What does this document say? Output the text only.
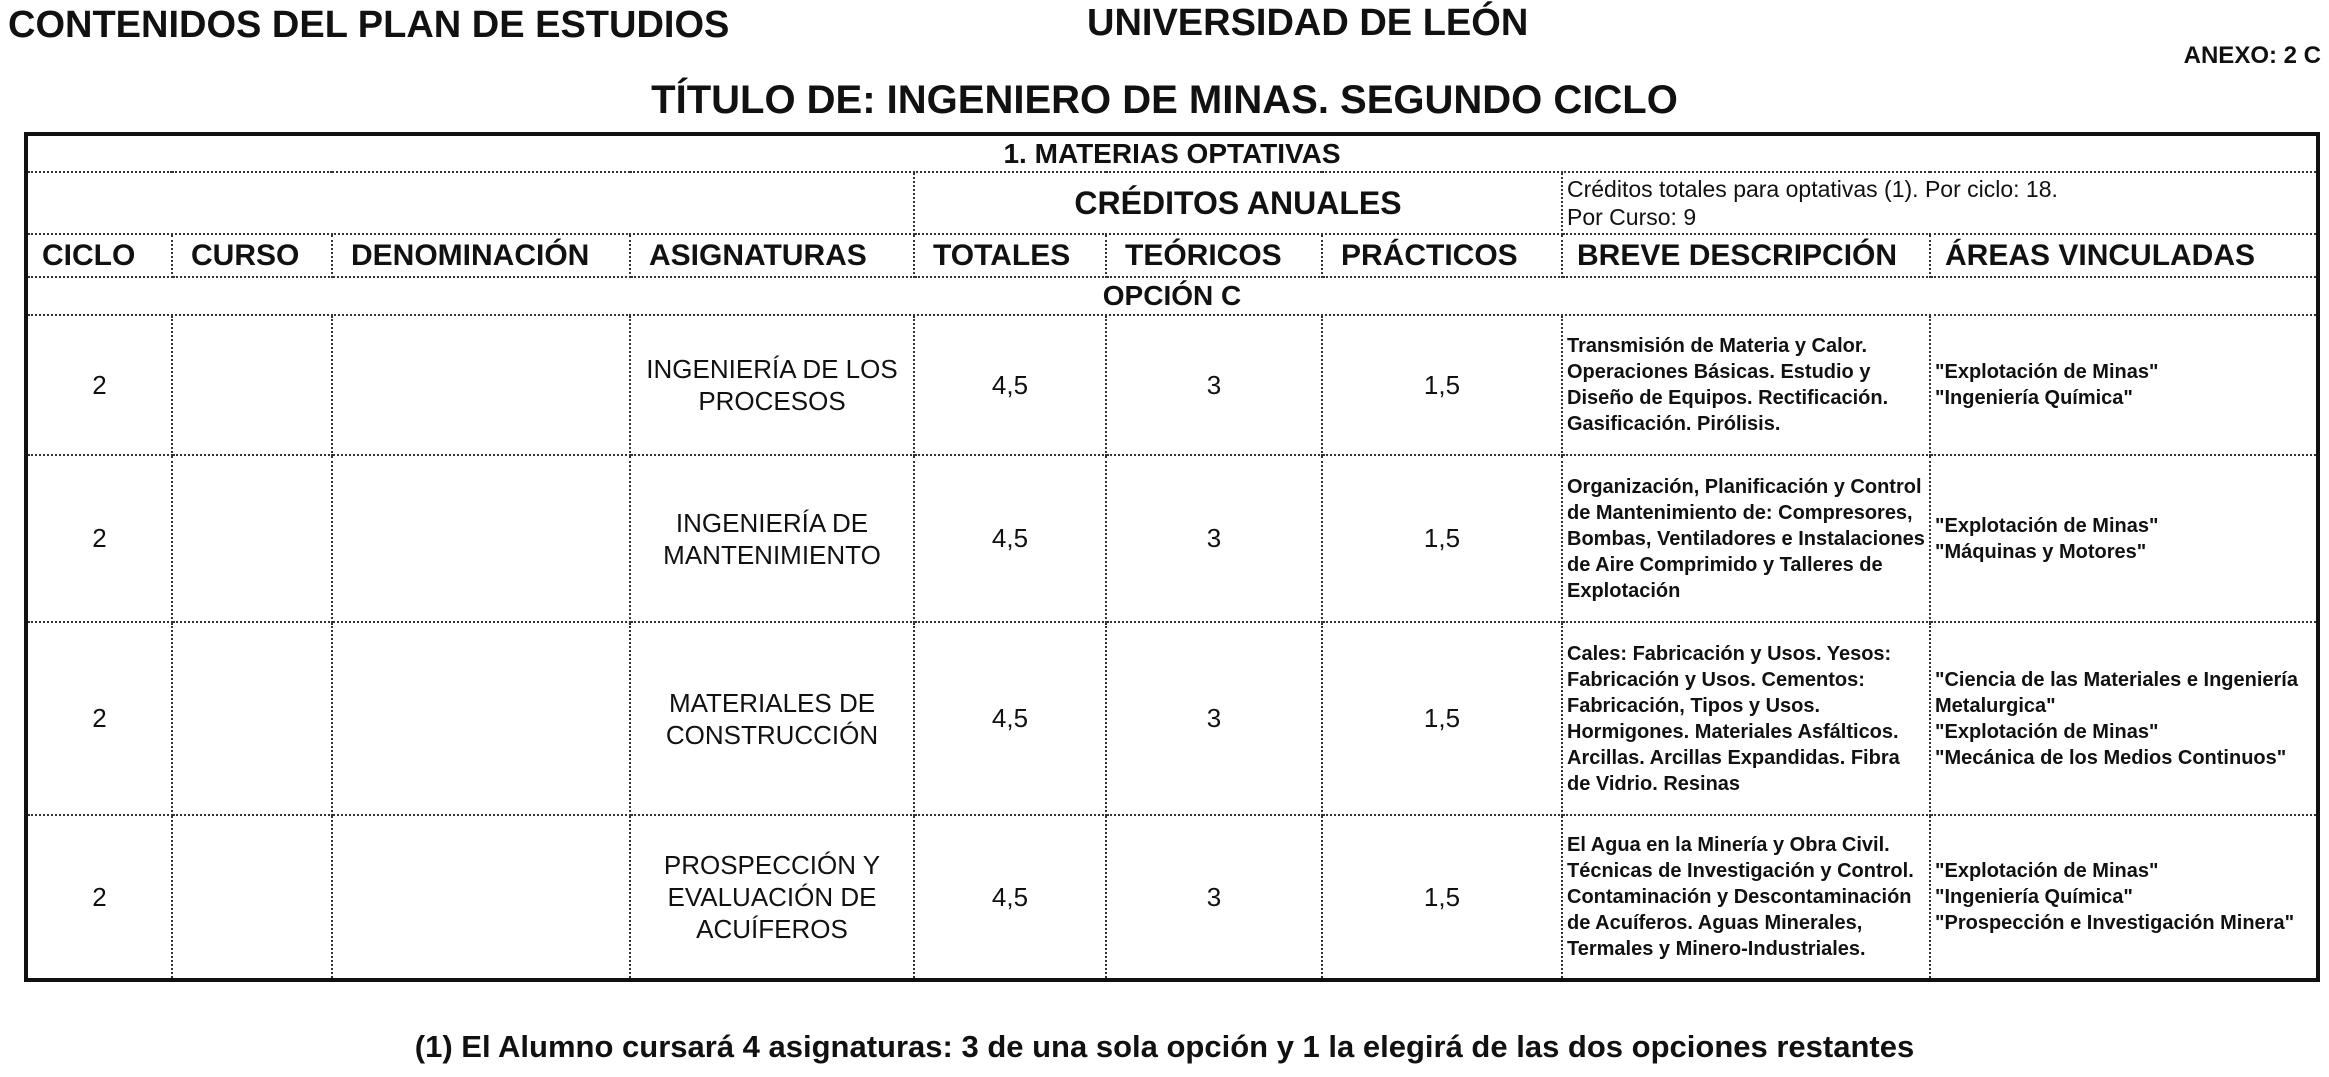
CONTENIDOS DEL PLAN DE ESTUDIOS	UNIVERSIDAD DE LEÓN
ANEXO: 2 C
TÍTULO DE: INGENIERO DE MINAS. SEGUNDO CICLO
1. MATERIAS OPTATIVAS								
				CRÉDITOS ANUALES			Créditos totales para optativas (1). Por ciclo: 18.
Por Curso: 9	

CICLO	CURSO	DENOMINACIÓN	ASIGNATURAS	TOTALES	TEÓRICOS	PRÁCTICOS	BREVE DESCRIPCIÓN	ÁREAS VINCULADAS
OPCIÓN C								
2			INGENIERÍA DE LOS PROCESOS	4,5	3	1,5	Transmisión de Materia y Calor. Operaciones Básicas. Estudio y Diseño de Equipos. Rectificación. Gasificación. Pirólisis.	"Explotación de Minas"
"Ingeniería Química"

2			INGENIERÍA DE MANTENIMIENTO	4,5	3	1,5	Organización, Planificación y Control de Mantenimiento de: Compresores, Bombas, Ventiladores e Instalaciones de Aire Comprimido y Talleres de Explotación	"Explotación de Minas"
"Máquinas y Motores"

2			MATERIALES DE CONSTRUCCIÓN	4,5	3	1,5	Cales: Fabricación y Usos. Yesos: Fabricación y Usos. Cementos: Fabricación, Tipos y Usos. Hormigones. Materiales Asfálticos. Arcillas. Arcillas Expandidas. Fibra de Vidrio. Resinas	"Ciencia de las Materiales e Ingeniería Metalurgica"
"Explotación de Minas"
"Mecánica de los Medios Continuos"

2			PROSPECCIÓN Y EVALUACIÓN DE ACUÍFEROS	4,5	3	1,5	El Agua en la Minería y Obra Civil. Técnicas de Investigación y Control. Contaminación y Descontaminación de Acuíferos. Aguas Minerales, Termales y Minero-Industriales.	"Explotación de Minas"
"Ingeniería Química"
"Prospección e Investigación Minera"
(1) El Alumno cursará 4 asignaturas: 3 de una sola opción y 1 la elegirá de las dos opciones restantes
